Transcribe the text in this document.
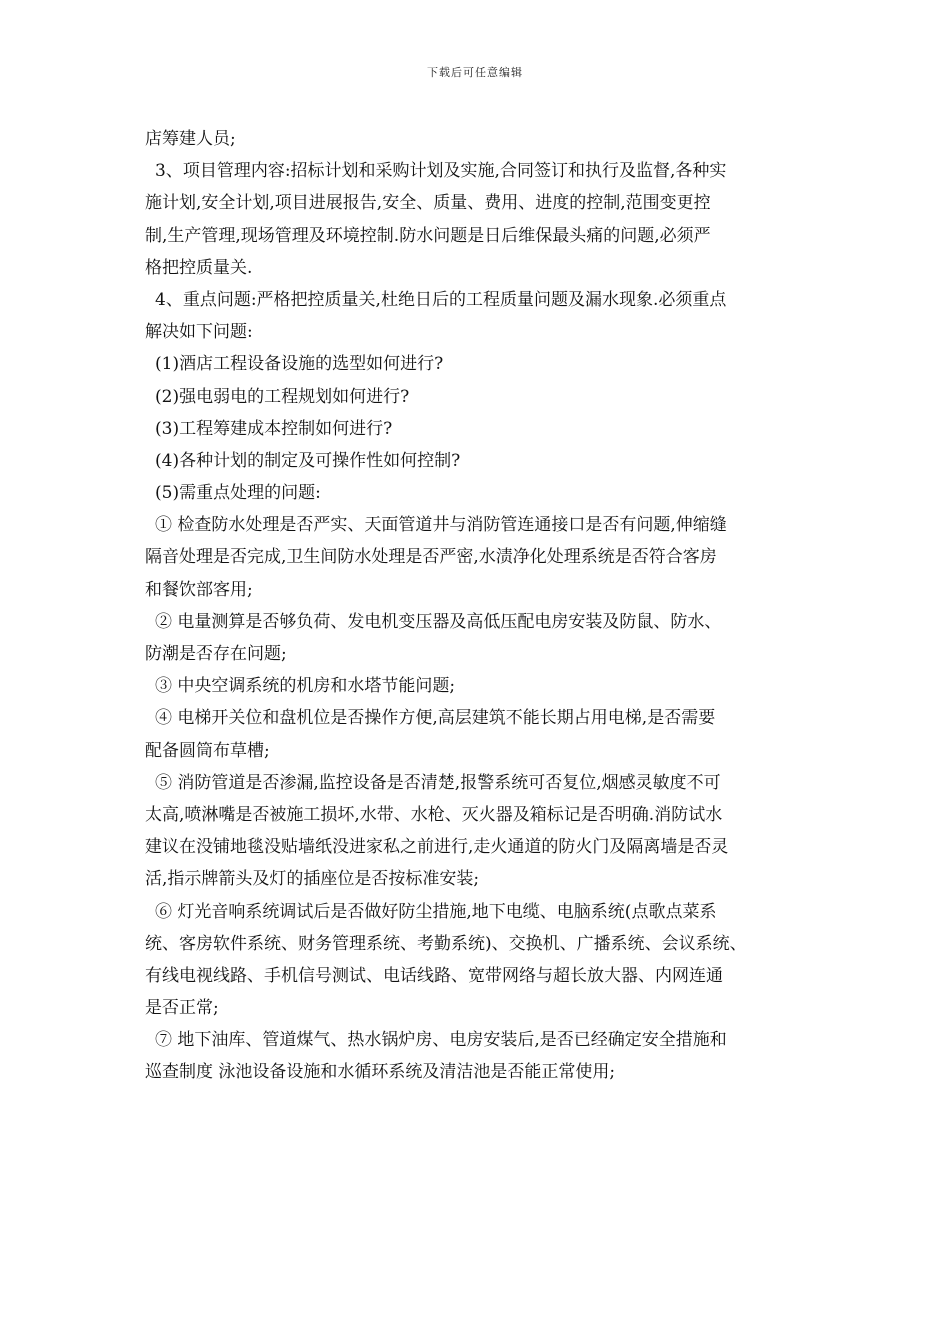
下载后可任意编辑
店筹建人员;
3、项目管理内容:招标计划和采购计划及实施,合同签订和执行及监督,各种实
施计划,安全计划,项目进展报告,安全、质量、费用、进度的控制,范围变更控
制,生产管理,现场管理及环境控制.防水问题是日后维保最头痛的问题,必须严
格把控质量关.
4、重点问题:严格把控质量关,杜绝日后的工程质量问题及漏水现象.必须重点
解决如下问题:
(1)酒店工程设备设施的选型如何进行?
(2)强电弱电的工程规划如何进行?
(3)工程筹建成本控制如何进行?
(4)各种计划的制定及可操作性如何控制?
(5)需重点处理的问题:
① 检查防水处理是否严实、天面管道井与消防管连通接口是否有问题,伸缩缝
隔音处理是否完成,卫生间防水处理是否严密,水渍净化处理系统是否符合客房
和餐饮部客用;
② 电量测算是否够负荷、发电机变压器及高低压配电房安装及防鼠、防水、
防潮是否存在问题;
③ 中央空调系统的机房和水塔节能问题;
④ 电梯开关位和盘机位是否操作方便,高层建筑不能长期占用电梯,是否需要
配备圆筒布草槽;
⑤ 消防管道是否渗漏,监控设备是否清楚,报警系统可否复位,烟感灵敏度不可
太高,喷淋嘴是否被施工损坏,水带、水枪、灭火器及箱标记是否明确.消防试水
建议在没铺地毯没贴墙纸没进家私之前进行,走火通道的防火门及隔离墙是否灵
活,指示牌箭头及灯的插座位是否按标准安装;
⑥ 灯光音响系统调试后是否做好防尘措施,地下电缆、电脑系统(点歌点菜系
统、客房软件系统、财务管理系统、考勤系统)、交换机、广播系统、会议系统、
有线电视线路、手机信号测试、电话线路、宽带网络与超长放大器、内网连通
是否正常;
⑦ 地下油库、管道煤气、热水锅炉房、电房安装后,是否已经确定安全措施和
巡查制度 泳池设备设施和水循环系统及清洁池是否能正常使用;
